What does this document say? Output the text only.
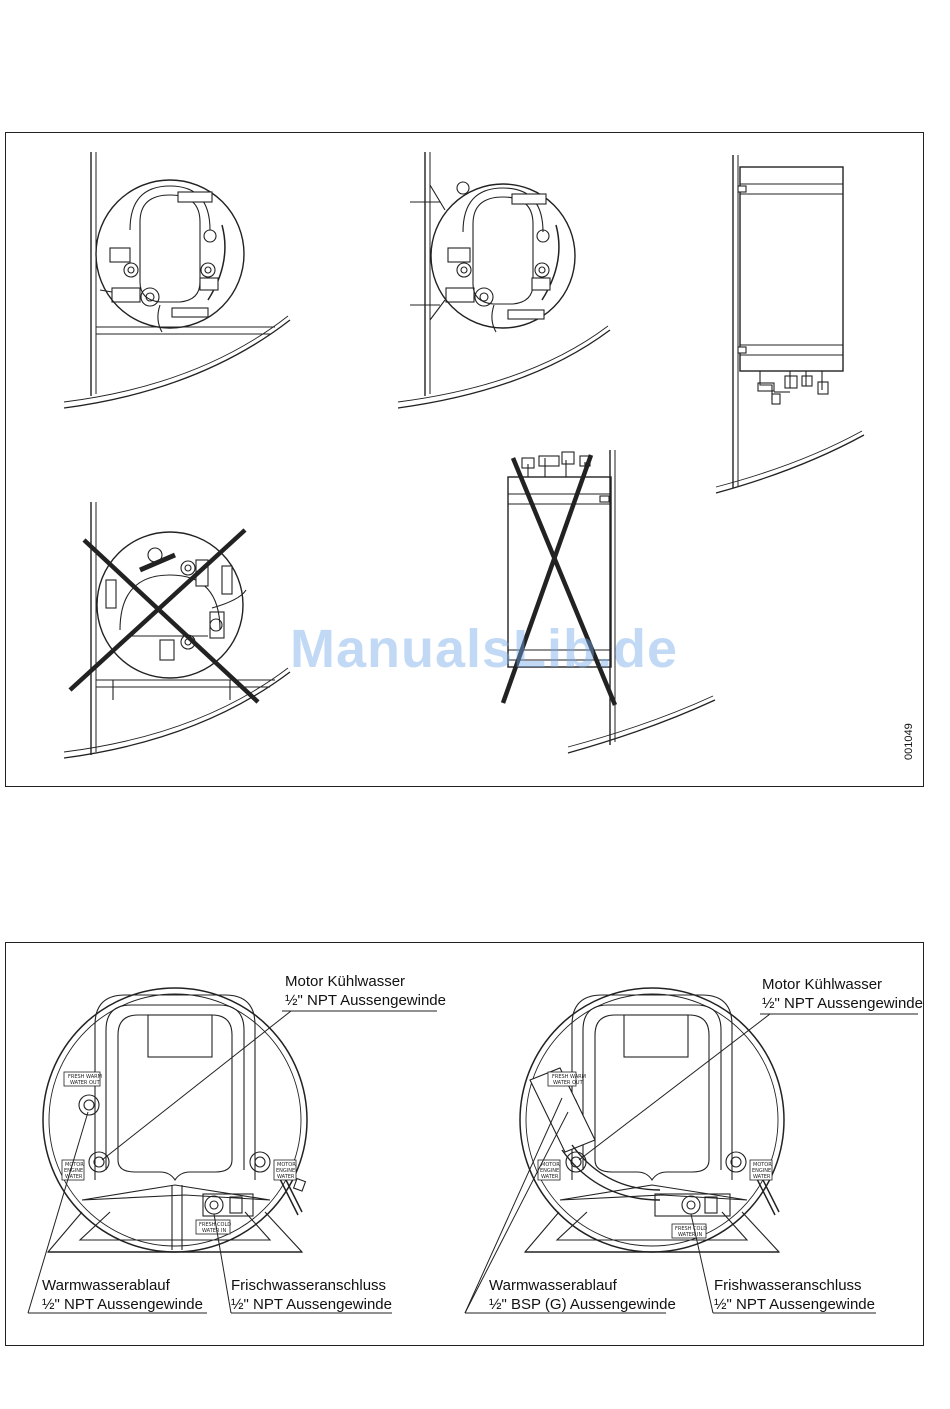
ManualsLib.de
001049
FRESH WARM
WATER OUT
MOTOR
ENGINE
WATER
MOTOR
ENGINE
WATER
FRESH COLD
WATER IN
FRESH WARM
WATER OUT
MOTOR
ENGINE
WATER
MOTOR
ENGINE
WATER
FRESH COLD
WATER IN
Motor Kühlwasser
½" NPT Aussengewinde
Warmwasserablauf
½" NPT Aussengewinde
Frischwasseranschluss
½" NPT Aussengewinde
Motor Kühlwasser
½" NPT Aussengewinde
Warmwasserablauf
½" BSP (G) Aussengewinde
Frishwasseranschluss
½" NPT Aussengewinde
